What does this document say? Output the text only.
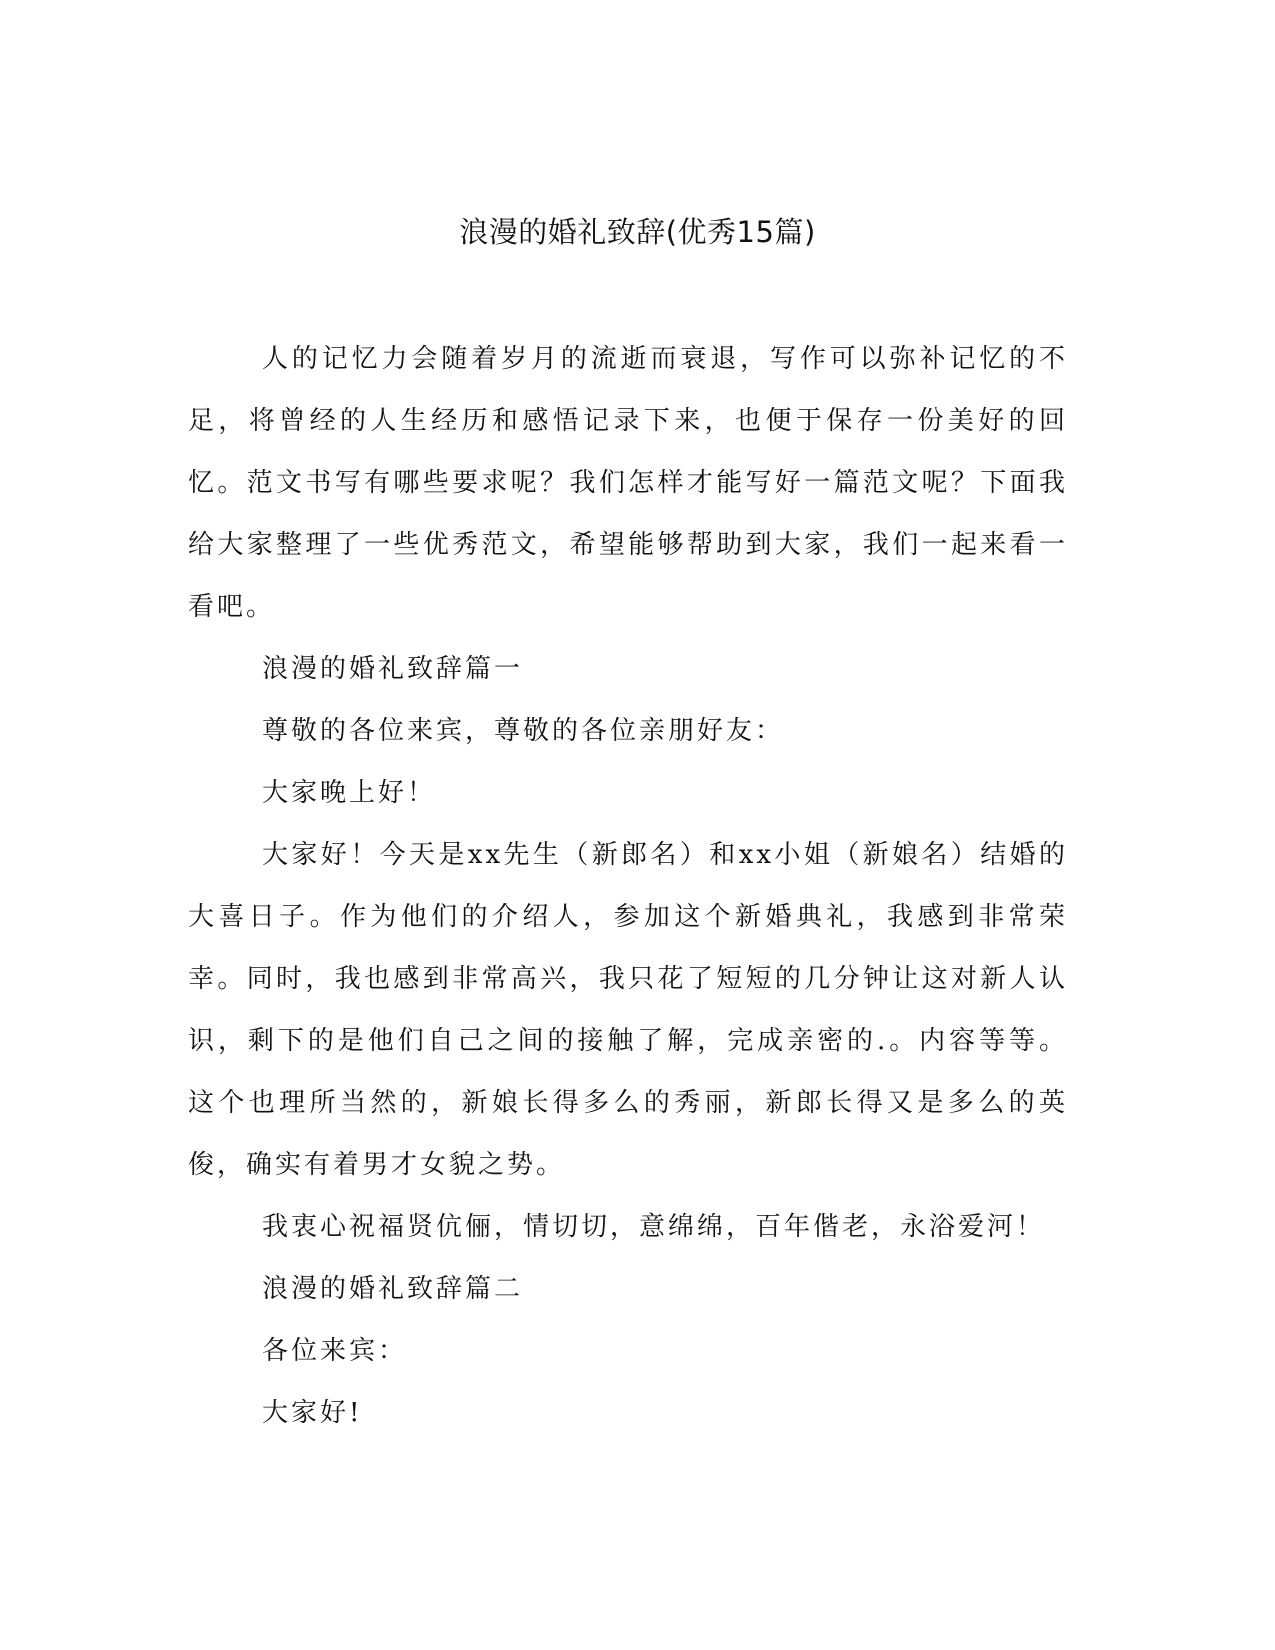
浪漫的婚礼致辞(优秀15篇)

人的记忆力会随着岁月的流逝而衰退，写作可以弥补记忆的不足，将曾经的人生经历和感悟记录下来，也便于保存一份美好的回忆。范文书写有哪些要求呢？我们怎样才能写好一篇范文呢？下面我给大家整理了一些优秀范文，希望能够帮助到大家，我们一起来看一看吧。

浪漫的婚礼致辞篇一

尊敬的各位来宾，尊敬的各位亲朋好友：

大家晚上好！

大家好！今天是xx先生（新郎名）和xx小姐（新娘名）结婚的大喜日子。作为他们的介绍人，参加这个新婚典礼，我感到非常荣幸。同时，我也感到非常高兴，我只花了短短的几分钟让这对新人认识，剩下的是他们自己之间的接触了解，完成亲密的.。内容等等。这个也理所当然的，新娘长得多么的秀丽，新郎长得又是多么的英俊，确实有着男才女貌之势。

我衷心祝福贤伉俪，情切切，意绵绵，百年偕老，永浴爱河！

浪漫的婚礼致辞篇二

各位来宾：

大家好!
